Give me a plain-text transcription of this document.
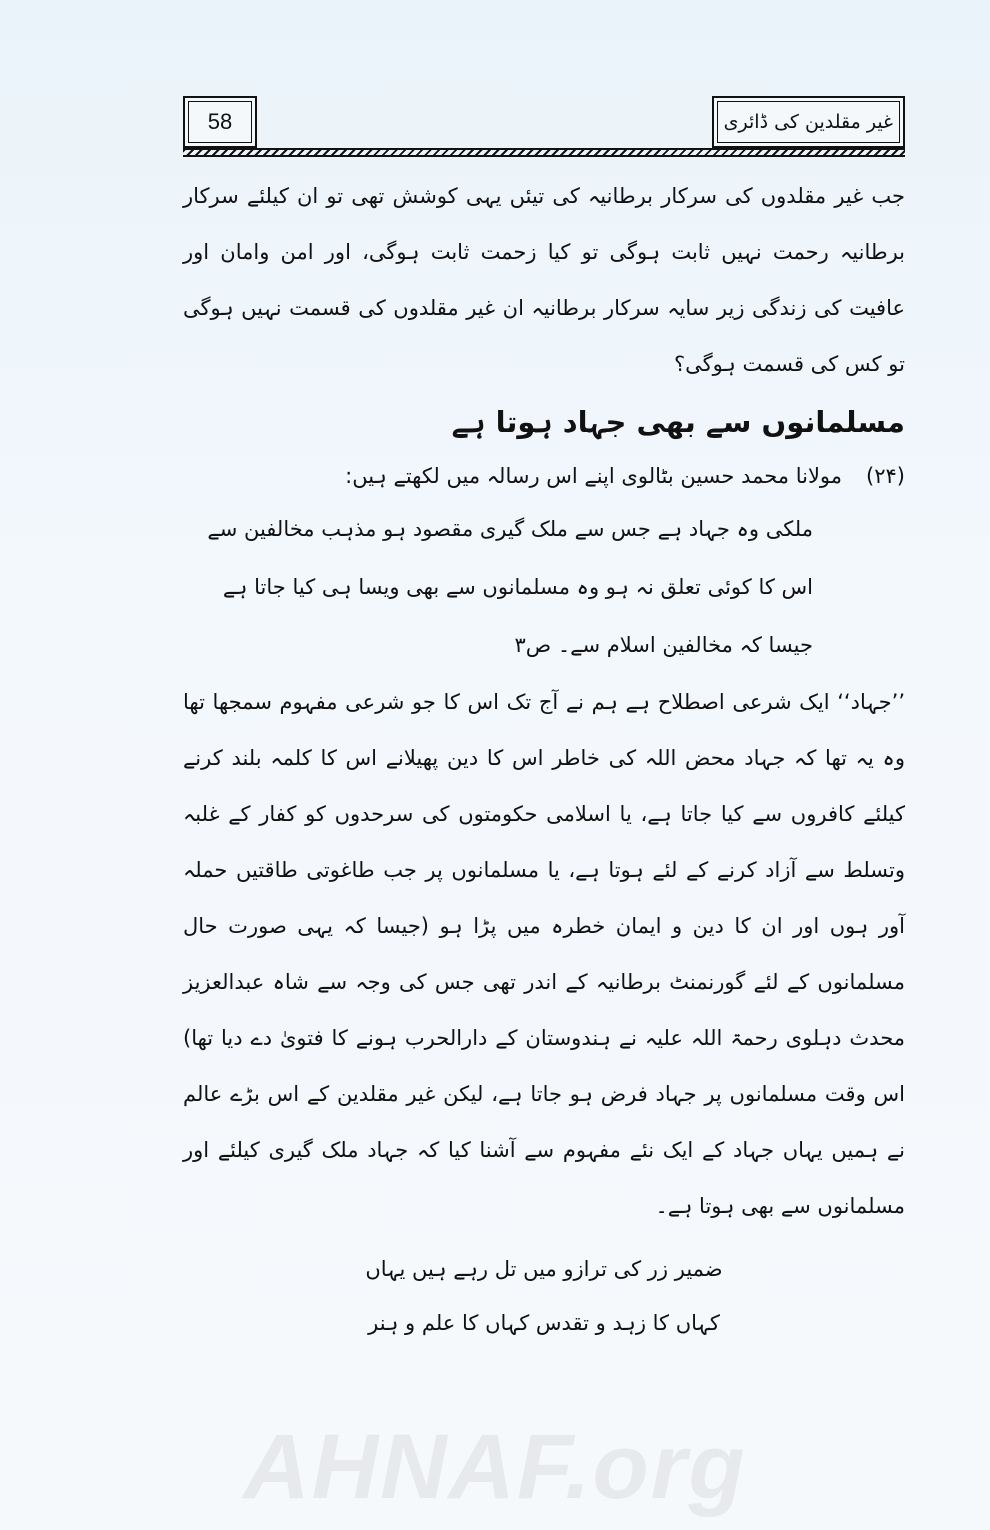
58	غیر مقلدین کی ڈائری

جب غیر مقلدوں کی سرکار برطانیہ کی تیئں یہی کوشش تھی تو ان کیلئے سرکار برطانیہ رحمت نہیں ثابت ہوگی تو کیا زحمت ثابت ہوگی، اور امن وامان اور عافیت کی زندگی زیر سایہ سرکار برطانیہ ان غیر مقلدوں کی قسمت نہیں ہوگی تو کس کی قسمت ہوگی؟

مسلمانوں سے بھی جہاد ہوتا ہے

(۲۴)مولانا محمد حسین بٹالوی اپنے اس رسالہ میں لکھتے ہیں:

ملکی وہ جہاد ہے جس سے ملک گیری مقصود ہو مذہب مخالفین سے

اس کا کوئی تعلق نہ ہو وہ مسلمانوں سے بھی ویسا ہی کیا جاتا ہے

جیسا کہ مخالفین اسلام سے۔ ص۳

’’جہاد‘‘ ایک شرعی اصطلاح ہے ہم نے آج تک اس کا جو شرعی مفہوم سمجھا تھا وہ یہ تھا کہ جہاد محض اللہ کی خاطر اس کا دین پھیلانے اس کا کلمہ بلند کرنے کیلئے کافروں سے کیا جاتا ہے، یا اسلامی حکومتوں کی سرحدوں کو کفار کے غلبہ وتسلط سے آزاد کرنے کے لئے ہوتا ہے، یا مسلمانوں پر جب طاغوتی طاقتیں حملہ آور ہوں اور ان کا دین و ایمان خطرہ میں پڑا ہو (جیسا کہ یہی صورت حال مسلمانوں کے لئے گورنمنٹ برطانیہ کے اندر تھی جس کی وجہ سے شاہ عبدالعزیز محدث دہلوی رحمۃ اللہ علیہ نے ہندوستان کے دارالحرب ہونے کا فتویٰ دے دیا تھا) اس وقت مسلمانوں پر جہاد فرض ہو جاتا ہے، لیکن غیر مقلدین کے اس بڑے عالم نے ہمیں یہاں جہاد کے ایک نئے مفہوم سے آشنا کیا کہ جہاد ملک گیری کیلئے اور مسلمانوں سے بھی ہوتا ہے۔

ضمیر زر کی ترازو میں تل رہے ہیں یہاں

کہاں کا زہد و تقدس کہاں کا علم و ہنر

AHNAF.org
